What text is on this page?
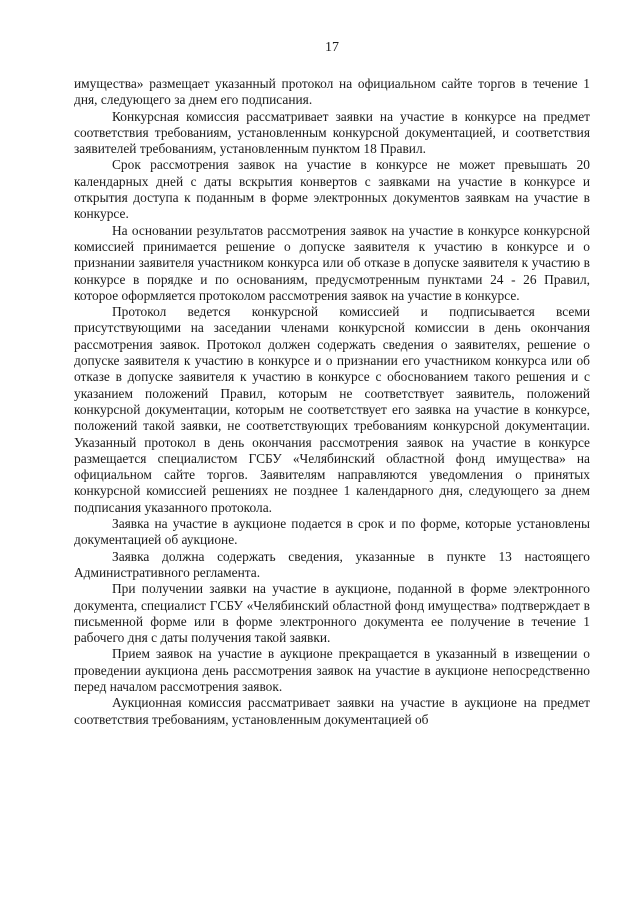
17

имущества» размещает указанный протокол на официальном сайте торгов в течение 1 дня, следующего за днем его подписания.

Конкурсная комиссия рассматривает заявки на участие в конкурсе на предмет соответствия требованиям, установленным конкурсной документацией, и соответствия заявителей требованиям, установленным пунктом 18 Правил.

Срок рассмотрения заявок на участие в конкурсе не может превышать 20 календарных дней с даты вскрытия конвертов с заявками на участие в конкурсе и открытия доступа к поданным в форме электронных документов заявкам на участие в конкурсе.

На основании результатов рассмотрения заявок на участие в конкурсе конкурсной комиссией принимается решение о допуске заявителя к участию в конкурсе и о признании заявителя участником конкурса или об отказе в допуске заявителя к участию в конкурсе в порядке и по основаниям, предусмотренным пунктами 24 - 26 Правил, которое оформляется протоколом рассмотрения заявок на участие в конкурсе.

Протокол ведется конкурсной комиссией и подписывается всеми присутствующими на заседании членами конкурсной комиссии в день окончания рассмотрения заявок. Протокол должен содержать сведения о заявителях, решение о допуске заявителя к участию в конкурсе и о признании его участником конкурса или об отказе в допуске заявителя к участию в конкурсе с обоснованием такого решения и с указанием положений Правил, которым не соответствует заявитель, положений конкурсной документации, которым не соответствует его заявка на участие в конкурсе, положений такой заявки, не соответствующих требованиям конкурсной документации. Указанный протокол в день окончания рассмотрения заявок на участие в конкурсе размещается специалистом ГСБУ «Челябинский областной фонд имущества» на официальном сайте торгов. Заявителям направляются уведомления о принятых конкурсной комиссией решениях не позднее 1 календарного дня, следующего за днем подписания указанного протокола.

Заявка на участие в аукционе подается в срок и по форме, которые установлены документацией об аукционе.

Заявка должна содержать сведения, указанные в пункте 13 настоящего Административного регламента.

При получении заявки на участие в аукционе, поданной в форме электронного документа, специалист ГСБУ «Челябинский областной фонд имущества» подтверждает в письменной форме или в форме электронного документа ее получение в течение 1 рабочего дня с даты получения такой заявки.

Прием заявок на участие в аукционе прекращается в указанный в извещении о проведении аукциона день рассмотрения заявок на участие в аукционе непосредственно перед началом рассмотрения заявок.

Аукционная комиссия рассматривает заявки на участие в аукционе на предмет соответствия требованиям, установленным документацией об
